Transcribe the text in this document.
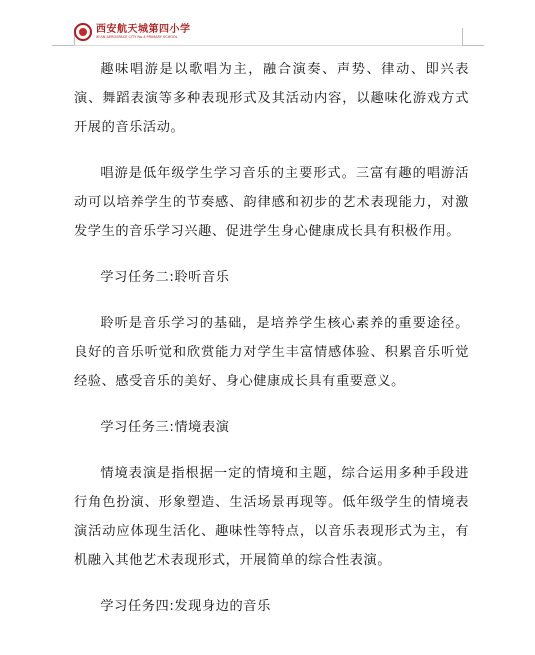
西安航天城第四小学
XI'AN AEROSPACE CITY No.4 PRIMARY SCHOOL

趣味唱游是以歌唱为主，融合演奏、声势、律动、即兴表演、舞蹈表演等多种表现形式及其活动内容，以趣味化游戏方式开展的音乐活动。

唱游是低年级学生学习音乐的主要形式。三富有趣的唱游活动可以培养学生的节奏感、韵律感和初步的艺术表现能力，对激发学生的音乐学习兴趣、促进学生身心健康成长具有积极作用。

学习任务二:聆听音乐

聆听是音乐学习的基础，是培养学生核心素养的重要途径。良好的音乐听觉和欣赏能力对学生丰富情感体验、积累音乐听觉经验、感受音乐的美好、身心健康成长具有重要意义。

学习任务三:情境表演

情境表演是指根据一定的情境和主题，综合运用多种手段进行角色扮演、形象塑造、生活场景再现等。低年级学生的情境表演活动应体现生活化、趣味性等特点，以音乐表现形式为主，有机融入其他艺术表现形式，开展简单的综合性表演。

学习任务四:发现身边的音乐
